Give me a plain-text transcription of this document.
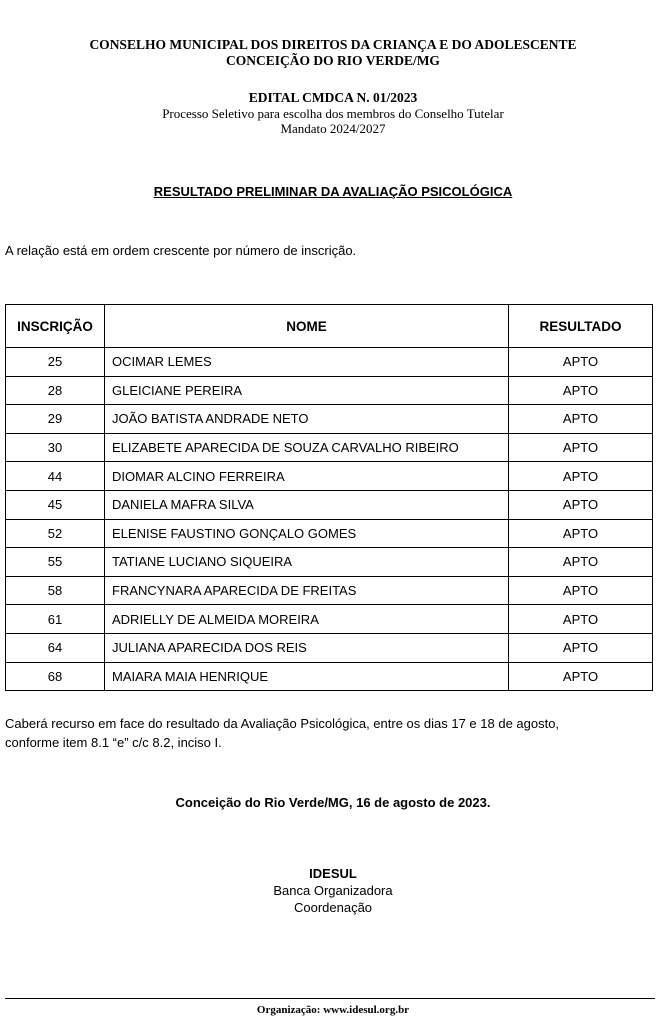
CONSELHO MUNICIPAL DOS DIREITOS DA CRIANÇA E DO ADOLESCENTE
CONCEIÇÃO DO RIO VERDE/MG
EDITAL CMDCA N. 01/2023
Processo Seletivo para escolha dos membros do Conselho Tutelar
Mandato 2024/2027
RESULTADO PRELIMINAR DA AVALIAÇÃO PSICOLÓGICA
A relação está em ordem crescente por número de inscrição.
INSCRIÇÃO	NOME	RESULTADO
25	OCIMAR LEMES	APTO
28	GLEICIANE PEREIRA	APTO
29	JOÃO BATISTA ANDRADE NETO	APTO
30	ELIZABETE APARECIDA DE SOUZA CARVALHO RIBEIRO	APTO
44	DIOMAR ALCINO FERREIRA	APTO
45	DANIELA MAFRA SILVA	APTO
52	ELENISE FAUSTINO GONÇALO GOMES	APTO
55	TATIANE LUCIANO SIQUEIRA	APTO
58	FRANCYNARA APARECIDA DE FREITAS	APTO
61	ADRIELLY DE ALMEIDA MOREIRA	APTO
64	JULIANA APARECIDA DOS REIS	APTO
68	MAIARA MAIA HENRIQUE	APTO
Caberá recurso em face do resultado da Avaliação Psicológica, entre os dias 17 e 18 de agosto,
conforme item 8.1 “e” c/c 8.2, inciso I.
Conceição do Rio Verde/MG, 16 de agosto de 2023.
IDESUL
Banca Organizadora
Coordenação
Organização: www.idesul.org.br
